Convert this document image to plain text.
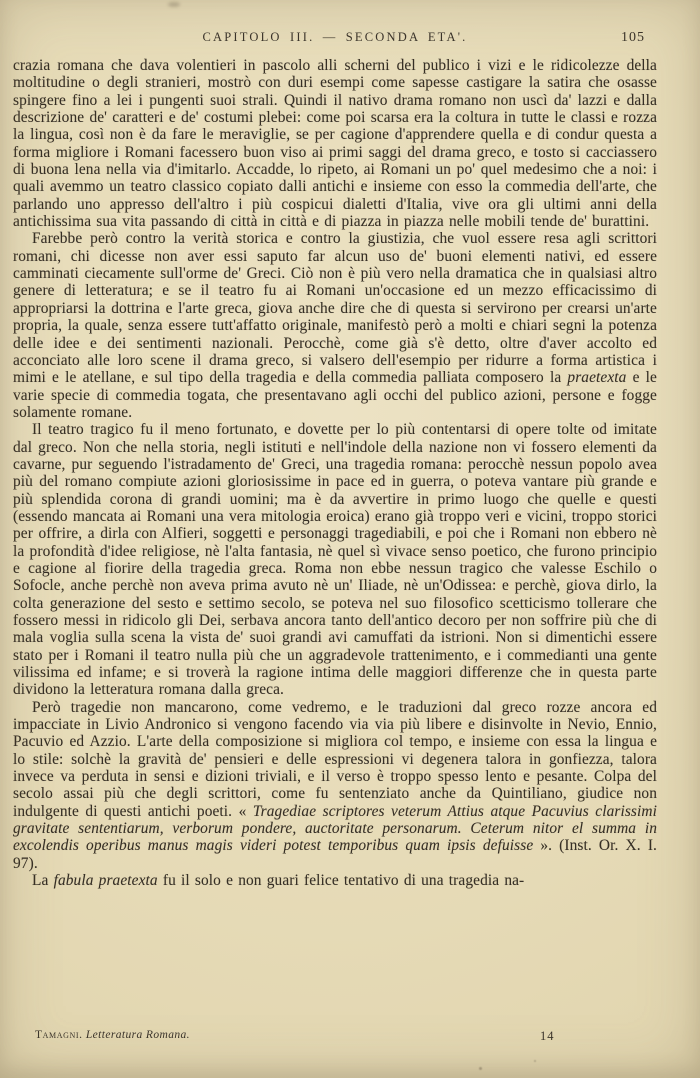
CAPITOLO III. — SECONDA ETA'.	105

crazia romana che dava volentieri in pascolo alli scherni del publico i vizi e le ridicolezze della moltitudine o degli stranieri, mostrò con duri esempi come sapesse castigare la satira che osasse spingere fino a lei i pungenti suoi strali. Quindi il nativo drama romano non uscì da' lazzi e dalla descrizione de' caratteri e de' costumi plebei: come poi scarsa era la coltura in tutte le classi e rozza la lingua, così non è da fare le meraviglie, se per cagione d'apprendere quella e di condur questa a forma migliore i Romani facessero buon viso ai primi saggi del drama greco, e tosto si cacciassero di buona lena nella via d'imitarlo. Accadde, lo ripeto, ai Romani un po' quel medesimo che a noi: i quali avemmo un teatro classico copiato dalli antichi e insieme con esso la commedia dell'arte, che parlando uno appresso dell'altro i più cospicui dialetti d'Italia, vive ora gli ultimi anni della antichissima sua vita passando di città in città e di piazza in piazza nelle mobili tende de' burattini.

Farebbe però contro la verità storica e contro la giustizia, che vuol essere resa agli scrittori romani, chi dicesse non aver essi saputo far alcun uso de' buoni elementi nativi, ed essere camminati ciecamente sull'orme de' Greci. Ciò non è più vero nella dramatica che in qualsiasi altro genere di letteratura; e se il teatro fu ai Romani un'occasione ed un mezzo efficacissimo di appropriarsi la dottrina e l'arte greca, giova anche dire che di questa si servirono per crearsi un'arte propria, la quale, senza essere tutt'affatto originale, manifestò però a molti e chiari segni la potenza delle idee e dei sentimenti nazionali. Perocchè, come già s'è detto, oltre d'aver accolto ed acconciato alle loro scene il drama greco, si valsero dell'esempio per ridurre a forma artistica i mimi e le atellane, e sul tipo della tragedia e della commedia palliata composero la praetexta e le varie specie di commedia togata, che presentavano agli occhi del publico azioni, persone e fogge solamente romane.

Il teatro tragico fu il meno fortunato, e dovette per lo più contentarsi di opere tolte od imitate dal greco. Non che nella storia, negli istituti e nell'indole della nazione non vi fossero elementi da cavarne, pur seguendo l'istradamento de' Greci, una tragedia romana: perocchè nessun popolo avea più del romano compiute azioni gloriosissime in pace ed in guerra, o poteva vantare più grande e più splendida corona di grandi uomini; ma è da avvertire in primo luogo che quelle e questi (essendo mancata ai Romani una vera mitologia eroica) erano già troppo veri e vicini, troppo storici per offrire, a dirla con Alfieri, soggetti e personaggi tragediabili, e poi che i Romani non ebbero nè la profondità d'idee religiose, nè l'alta fantasia, nè quel sì vivace senso poetico, che furono principio e cagione al fiorire della tragedia greca. Roma non ebbe nessun tragico che valesse Eschilo o Sofocle, anche perchè non aveva prima avuto nè un' Iliade, nè un'Odissea: e perchè, giova dirlo, la colta generazione del sesto e settimo secolo, se poteva nel suo filosofico scetticismo tollerare che fossero messi in ridicolo gli Dei, serbava ancora tanto dell'antico decoro per non soffrire più che di mala voglia sulla scena la vista de' suoi grandi avi camuffati da istrioni. Non si dimentichi essere stato per i Romani il teatro nulla più che un aggradevole trattenimento, e i commedianti una gente vilissima ed infame; e si troverà la ragione intima delle maggiori differenze che in questa parte dividono la letteratura romana dalla greca.

Però tragedie non mancarono, come vedremo, e le traduzioni dal greco rozze ancora ed impacciate in Livio Andronico si vengono facendo via via più libere e disinvolte in Nevio, Ennio, Pacuvio ed Azzio. L'arte della composizione si migliora col tempo, e insieme con essa la lingua e lo stile: solchè la gravità de' pensieri e delle espressioni vi degenera talora in gonfiezza, talora invece va perduta in sensi e dizioni triviali, e il verso è troppo spesso lento e pesante. Colpa del secolo assai più che degli scrittori, come fu sentenziato anche da Quintiliano, giudice non indulgente di questi antichi poeti. « Tragediae scriptores veterum Attius atque Pacuvius clarissimi gravitate sententiarum, verborum pondere, auctoritate personarum. Ceterum nitor el summa in excolendis operibus manus magis videri potest temporibus quam ipsis defuisse ». (Inst. Or. X. I. 97).

La fabula praetexta fu il solo e non guari felice tentativo di una tragedia na-

Tamagni. Letteratura Romana.	14
